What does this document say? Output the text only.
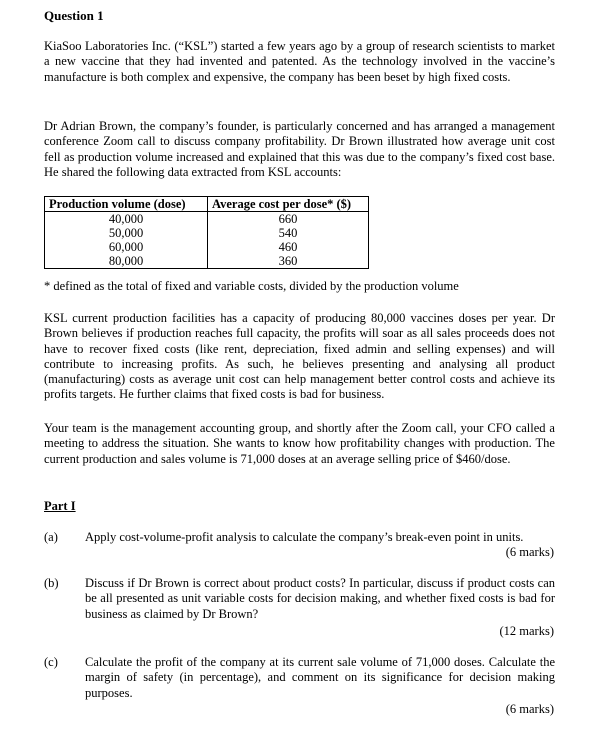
Question 1
KiaSoo Laboratories Inc. (“KSL”) started a few years ago by a group of research scientists to market a new vaccine that they had invented and patented. As the technology involved in the vaccine’s manufacture is both complex and expensive, the company has been beset by high fixed costs.
Dr Adrian Brown, the company’s founder, is particularly concerned and has arranged a management conference Zoom call to discuss company profitability. Dr Brown illustrated how average unit cost fell as production volume increased and explained that this was due to the company’s fixed cost base. He shared the following data extracted from KSL accounts:
Production volume (dose)	Average cost per dose* ($)
40,000	660
50,000	540
60,000	460
80,000	360
* defined as the total of fixed and variable costs, divided by the production volume
KSL current production facilities has a capacity of producing 80,000 vaccines doses per year. Dr Brown believes if production reaches full capacity, the profits will soar as all sales proceeds does not have to recover fixed costs (like rent, depreciation, fixed admin and selling expenses) and will contribute to increasing profits. As such, he believes presenting and analysing all product (manufacturing) costs as average unit cost can help management better control costs and achieve its profits targets. He further claims that fixed costs is bad for business.
Your team is the management accounting group, and shortly after the Zoom call, your CFO called a meeting to address the situation. She wants to know how profitability changes with production. The current production and sales volume is 71,000 doses at an average selling price of $460/dose.
Part I
(a) Apply cost-volume-profit analysis to calculate the company’s break-even point in units.
(6 marks)
(b) Discuss if Dr Brown is correct about product costs? In particular, discuss if product costs can be all presented as unit variable costs for decision making, and whether fixed costs is bad for business as claimed by Dr Brown?
(12 marks)
(c) Calculate the profit of the company at its current sale volume of 71,000 doses. Calculate the margin of safety (in percentage), and comment on its significance for decision making purposes.
(6 marks)
